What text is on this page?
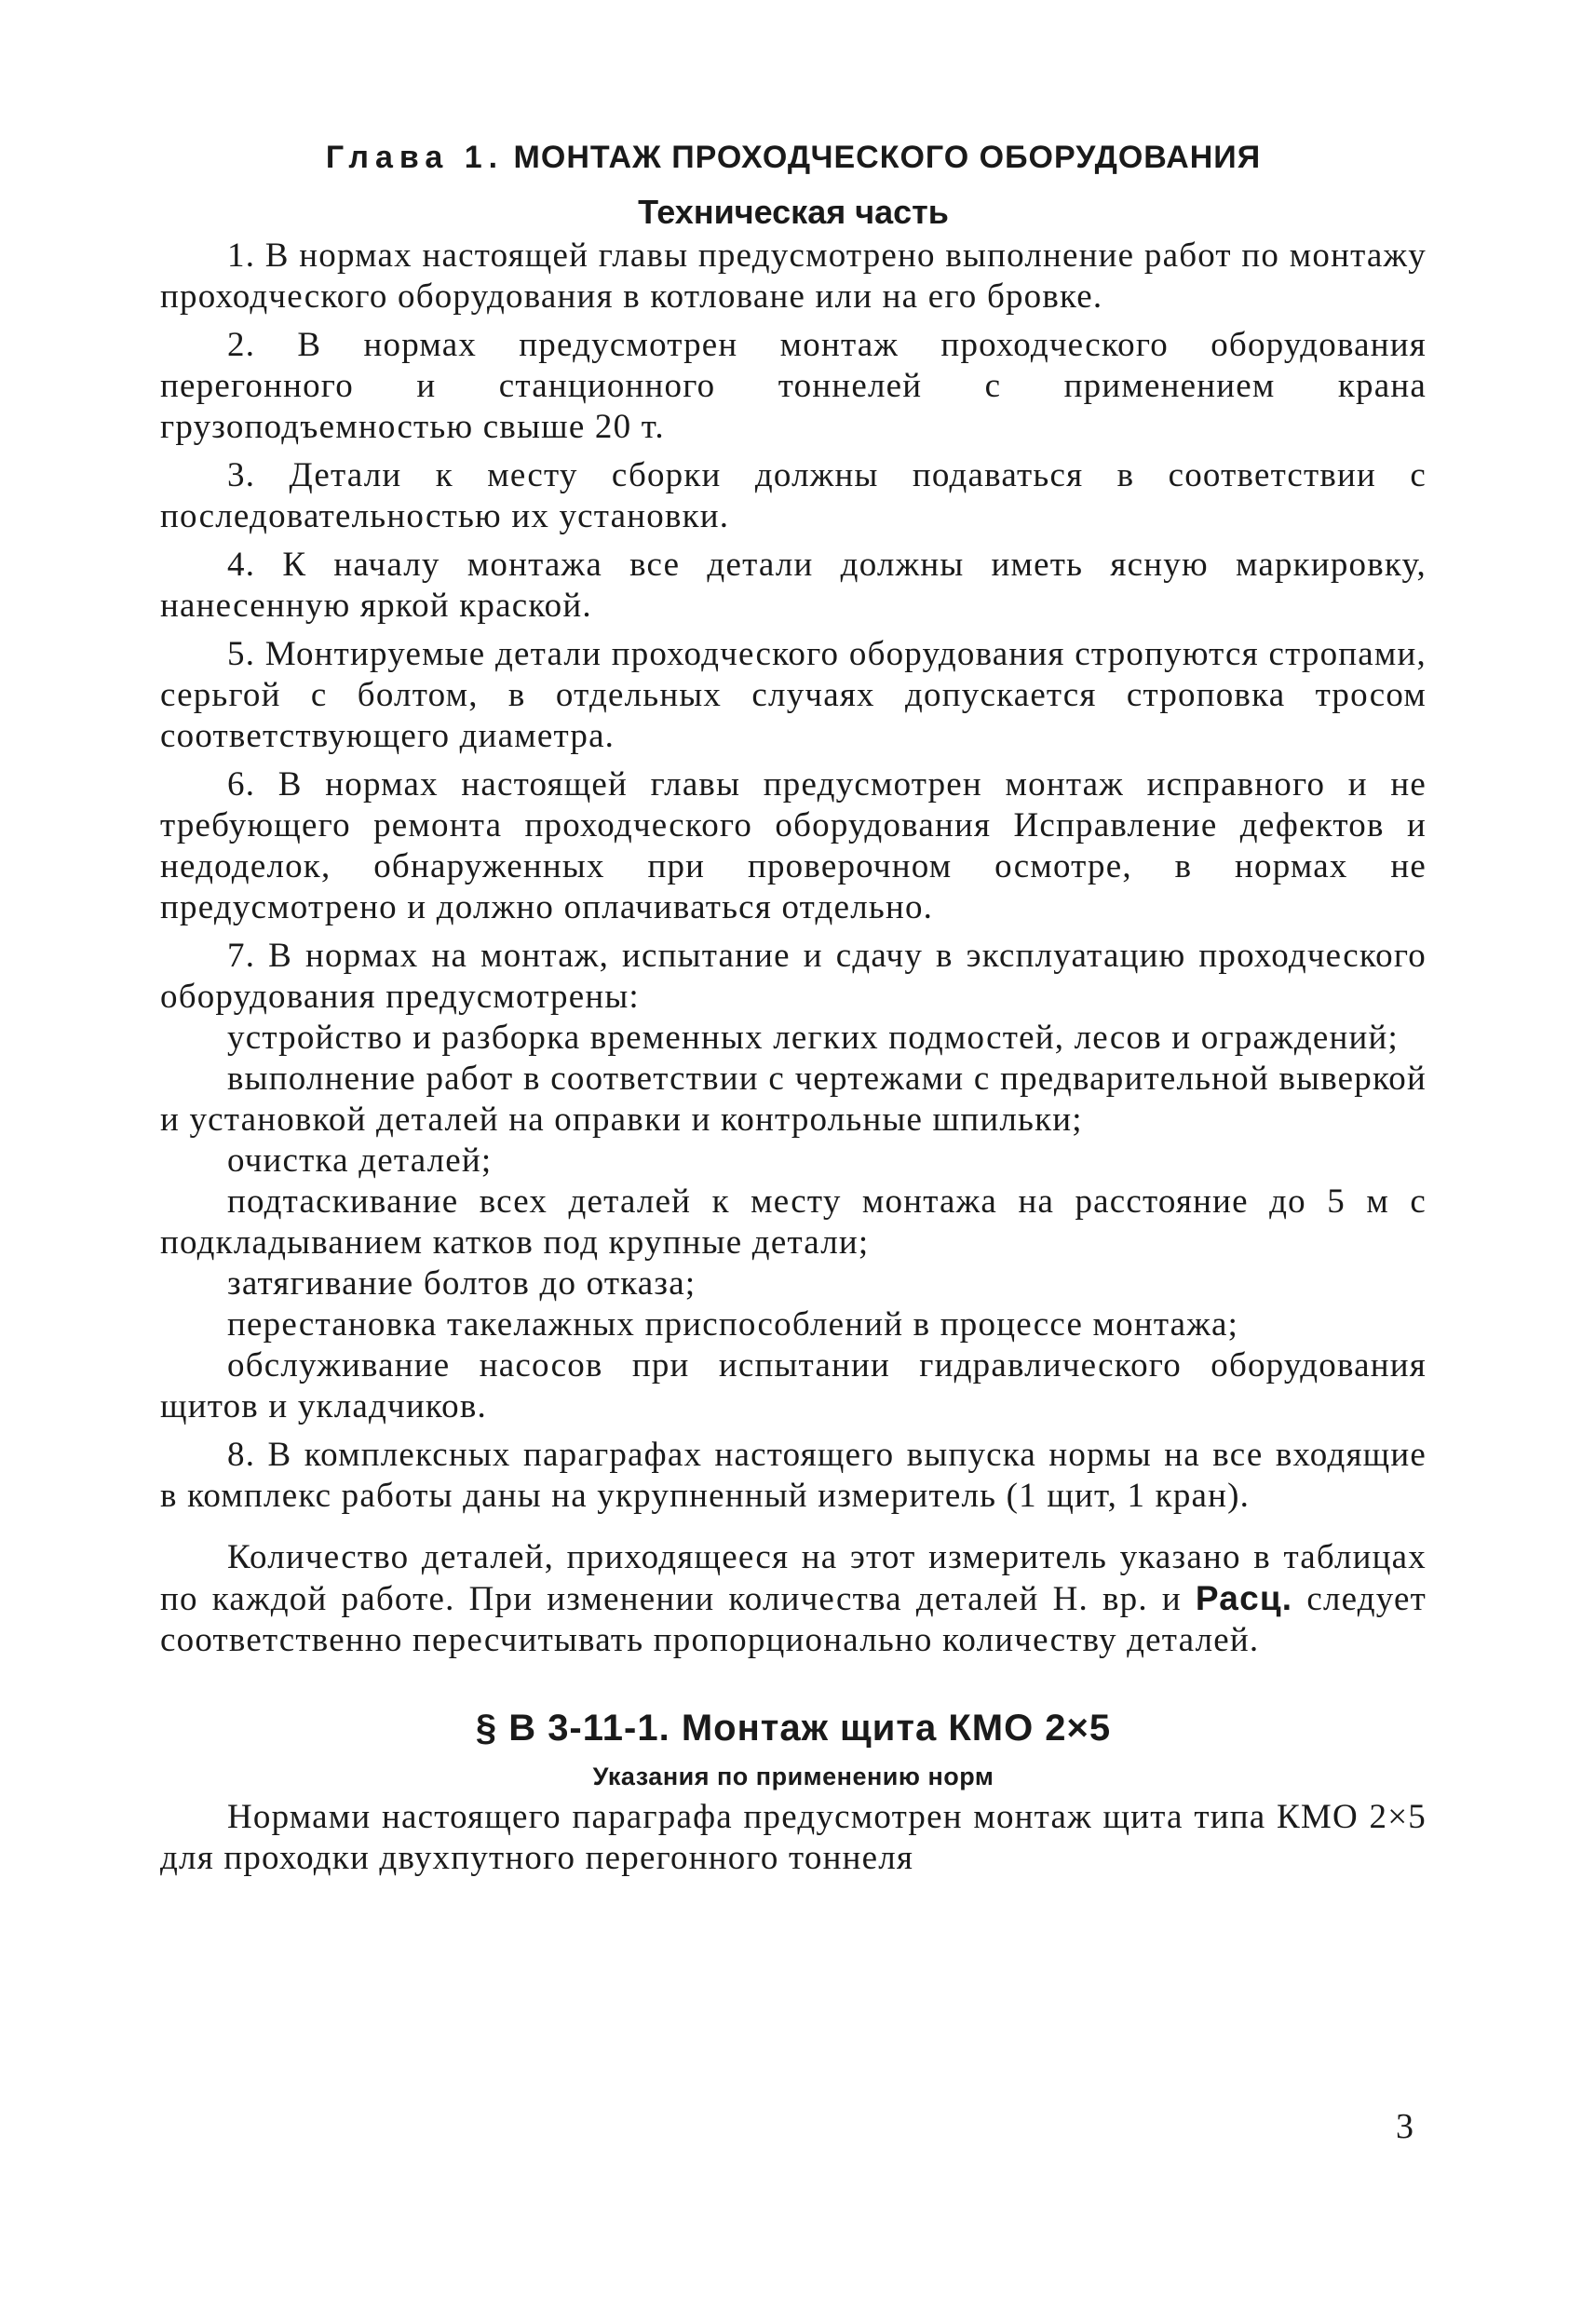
Глава 1. МОНТАЖ ПРОХОДЧЕСКОГО ОБОРУДОВАНИЯ
Техническая часть

1. В нормах настоящей главы предусмотрено выполнение работ по монтажу проходческого оборудования в котловане или на его бровке.

2. В нормах предусмотрен монтаж проходческого оборудования перегонного и станционного тоннелей с применением крана грузоподъемностью свыше 20 т.

3. Детали к месту сборки должны подаваться в соответствии с последовательностью их установки.

4. К началу монтажа все детали должны иметь ясную маркировку, нанесенную яркой краской.

5. Монтируемые детали проходческого оборудования стропуются стропами, серьгой с болтом, в отдельных случаях допускается строповка тросом соответствующего диаметра.

6. В нормах настоящей главы предусмотрен монтаж исправного и не требующего ремонта проходческого оборудования Исправление дефектов и недоделок, обнаруженных при проверочном осмотре, в нормах не предусмотрено и должно оплачиваться отдельно.

7. В нормах на монтаж, испытание и сдачу в эксплуатацию проходческого оборудования предусмотрены:

устройство и разборка временных легких подмостей, лесов и ограждений;

выполнение работ в соответствии с чертежами с предварительной выверкой и установкой деталей на оправки и контрольные шпильки;

очистка деталей;

подтаскивание всех деталей к месту монтажа на расстояние до 5 м с подкладыванием катков под крупные детали;

затягивание болтов до отказа;

перестановка такелажных приспособлений в процессе монтажа;

обслуживание насосов при испытании гидравлического оборудования щитов и укладчиков.

8. В комплексных параграфах настоящего выпуска нормы на все входящие в комплекс работы даны на укрупненный измеритель (1 щит, 1 кран).

Количество деталей, приходящееся на этот измеритель указано в таблицах по каждой работе. При изменении количества деталей Н. вр. и Расц. следует соответственно пересчитывать пропорционально количеству деталей.

§ В 3-11-1. Монтаж щита КМО 2×5
Указания по применению норм

Нормами настоящего параграфа предусмотрен монтаж щита типа КМО 2×5 для проходки двухпутного перегонного тоннеля

3
